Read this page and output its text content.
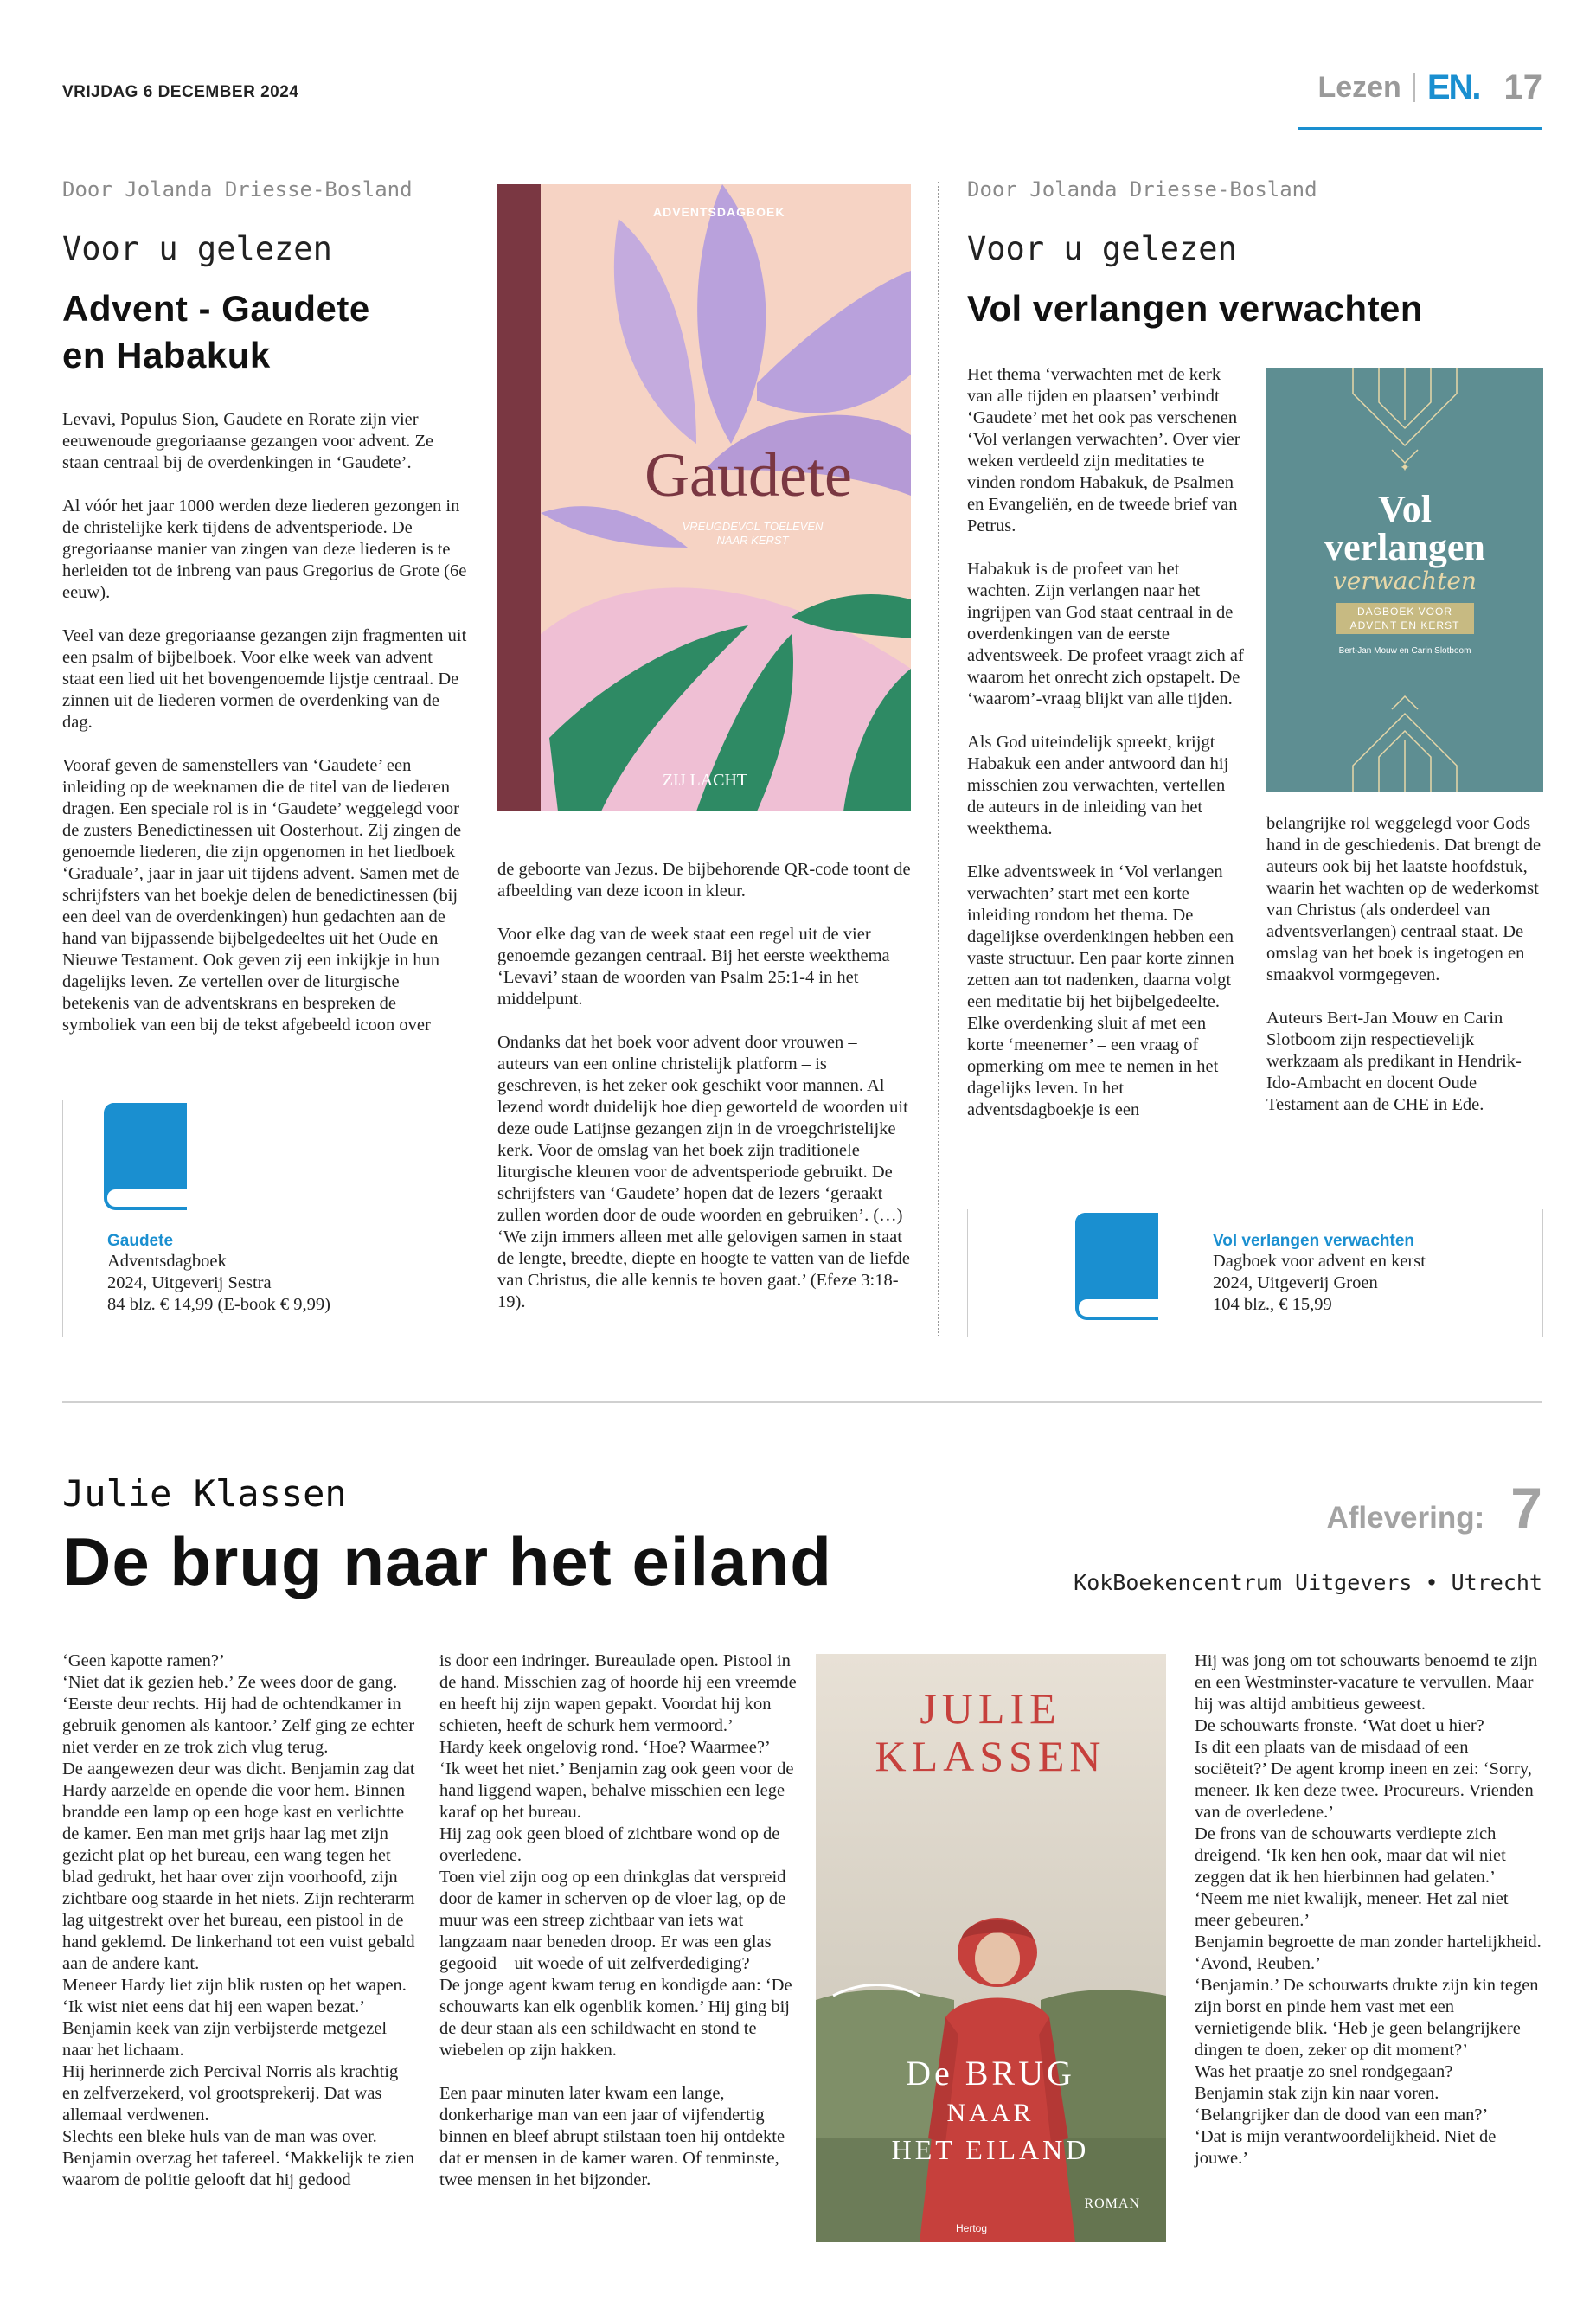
VRIJDAG 6 DECEMBER 2024	Lezen EN. 17
Door Jolanda Driesse-Bosland
Voor u gelezen
Advent - Gaudete
en Habakuk

Levavi, Populus Sion, Gaudete en Rorate zijn vier eeuwenoude gregoriaanse gezangen voor advent. Ze staan centraal bij de overdenkingen in ‘Gaudete’.

Al vóór het jaar 1000 werden deze liederen gezongen in de christelijke kerk tijdens de adventsperiode. De gregoriaanse manier van zingen van deze liederen is te herleiden tot de inbreng van paus Gregorius de Grote (6e eeuw).

Veel van deze gregoriaanse gezangen zijn fragmenten uit een psalm of bijbelboek. Voor elke week van advent staat een lied uit het bovengenoemde lijstje centraal. De zinnen uit de liederen vormen de overdenking van de dag.

Vooraf geven de samenstellers van ‘Gaudete’ een inleiding op de weeknamen die de titel van de liederen dragen. Een speciale rol is in ‘Gaudete’ weggelegd voor de zusters Benedictinessen uit Oosterhout. Zij zingen de genoemde liederen, die zijn opgenomen in het liedboek ‘Graduale’, jaar in jaar uit tijdens advent. Samen met de schrijfsters van het boekje delen de benedictinessen (bij een deel van de overdenkingen) hun gedachten aan de hand van bijpassende bijbelgedeeltes uit het Oude en Nieuwe Testament. Ook geven zij een inkijkje in hun dagelijks leven. Ze vertellen over de liturgische betekenis van de adventskrans en bespreken de symboliek van een bij de tekst afgebeeld icoon over

ADVENTSDAGBOEK
Gaudete
VREUGDEVOL TOELEVEN
NAAR KERST
ZIJ LACHT

de geboorte van Jezus. De bijbehorende QR-code toont de afbeelding van deze icoon in kleur.

Voor elke dag van de week staat een regel uit de vier genoemde gezangen centraal. Bij het eerste weekthema ‘Levavi’ staan de woorden van Psalm 25:1-4 in het middelpunt.

Ondanks dat het boek voor advent door vrouwen – auteurs van een online christelijk platform – is geschreven, is het zeker ook geschikt voor mannen. Al lezend wordt duidelijk hoe diep geworteld de woorden uit deze oude Latijnse gezangen zijn in de vroegchristelijke kerk. Voor de omslag van het boek zijn traditionele liturgische kleuren voor de adventsperiode gebruikt. De schrijfsters van ‘Gaudete’ hopen dat de lezers ‘geraakt zullen worden door de oude woorden en gebruiken’. (…) ‘We zijn immers alleen met alle gelovigen samen in staat de lengte, breedte, diepte en hoogte te vatten van de liefde van Christus, die alle kennis te boven gaat.’ (Efeze 3:18-19).

Gaudete
Adventsdagboek
2024, Uitgeverij Sestra
84 blz. € 14,99 (E-book € 9,99)
Door Jolanda Driesse-Bosland
Voor u gelezen
Vol verlangen verwachten

Het thema ‘verwachten met de kerk van alle tijden en plaatsen’ verbindt ‘Gaudete’ met het ook pas verschenen ‘Vol verlangen verwachten’. Over vier weken verdeeld zijn meditaties te vinden rondom Habakuk, de Psalmen en Evangeliën, en de tweede brief van Petrus.

Habakuk is de profeet van het wachten. Zijn verlangen naar het ingrijpen van God staat centraal in de overdenkingen van de eerste adventsweek. De profeet vraagt zich af waarom het onrecht zich opstapelt. De ‘waarom’-vraag blijkt van alle tijden.

Als God uiteindelijk spreekt, krijgt Habakuk een ander antwoord dan hij misschien zou verwachten, vertellen de auteurs in de inleiding van het weekthema.

Elke adventsweek in ‘Vol verlangen verwachten’ start met een korte inleiding rondom het thema. De dagelijkse overdenkingen hebben een vaste structuur. Een paar korte zinnen zetten aan tot nadenken, daarna volgt een meditatie bij het bijbelgedeelte. Elke overdenking sluit af met een korte ‘meenemer’ – een vraag of opmerking om mee te nemen in het dagelijks leven. In het adventsdagboekje is een

✦
Vol
verlangen
verwachten
DAGBOEK VOOR
ADVENT EN KERST
Bert-Jan Mouw en Carin Slotboom

belangrijke rol weggelegd voor Gods hand in de geschiedenis. Dat brengt de auteurs ook bij het laatste hoofdstuk, waarin het wachten op de wederkomst van Christus (als onderdeel van adventsverlangen) centraal staat. De omslag van het boek is ingetogen en smaakvol vormgegeven.

Auteurs Bert-Jan Mouw en Carin Slotboom zijn respectievelijk werkzaam als predikant in Hendrik-Ido-Ambacht en docent Oude Testament aan de CHE in Ede.

Vol verlangen verwachten
Dagboek voor advent en kerst
2024, Uitgeverij Groen
104 blz., € 15,99
Julie Klassen
De brug naar het eiland
Aflevering: 7
KokBoekencentrum Uitgevers • Utrecht
‘Geen kapotte ramen?’
‘Niet dat ik gezien heb.’ Ze wees door de gang. ‘Eerste deur rechts. Hij had de ochtendkamer in gebruik genomen als kantoor.’ Zelf ging ze echter niet verder en ze trok zich vlug terug.
De aangewezen deur was dicht. Benjamin zag dat Hardy aarzelde en opende die voor hem. Binnen brandde een lamp op een hoge kast en verlichtte de kamer. Een man met grijs haar lag met zijn gezicht plat op het bureau, een wang tegen het blad gedrukt, het haar over zijn voorhoofd, zijn zichtbare oog staarde in het niets. Zijn rechterarm lag uitgestrekt over het bureau, een pistool in de hand geklemd. De linkerhand tot een vuist gebald aan de andere kant.
Meneer Hardy liet zijn blik rusten op het wapen. ‘Ik wist niet eens dat hij een wapen bezat.’
Benjamin keek van zijn verbijsterde metgezel naar het lichaam.
Hij herinnerde zich Percival Norris als krachtig en zelfverzekerd, vol grootsprekerij. Dat was allemaal verdwenen.
Slechts een bleke huls van de man was over. Benjamin overzag het tafereel. ‘Makkelijk te zien waarom de politie gelooft dat hij gedood
is door een indringer. Bureaulade open. Pistool in de hand. Misschien zag of hoorde hij een vreemde en heeft hij zijn wapen gepakt. Voordat hij kon schieten, heeft de schurk hem vermoord.’
Hardy keek ongelovig rond. ‘Hoe? Waarmee?’
‘Ik weet het niet.’ Benjamin zag ook geen voor de hand liggend wapen, behalve misschien een lege karaf op het bureau.
Hij zag ook geen bloed of zichtbare wond op de overledene.
Toen viel zijn oog op een drinkglas dat verspreid door de kamer in scherven op de vloer lag, op de muur was een streep zichtbaar van iets wat langzaam naar beneden droop. Er was een glas gegooid – uit woede of uit zelfverdediging?
De jonge agent kwam terug en kondigde aan: ‘De schouwarts kan elk ogenblik komen.’ Hij ging bij de deur staan als een schildwacht en stond te wiebelen op zijn hakken.
Een paar minuten later kwam een lange, donkerharige man van een jaar of vijfendertig binnen en bleef abrupt stilstaan toen hij ontdekte dat er mensen in de kamer waren. Of tenminste, twee mensen in het bijzonder.
JULIE
KLASSEN
De BRUG
NAAR
HET EILAND
ROMAN
Hertog
Hij was jong om tot schouwarts benoemd te zijn en een Westminster-vacature te vervullen. Maar hij was altijd ambitieus geweest.
De schouwarts fronste. ‘Wat doet u hier?
Is dit een plaats van de misdaad of een sociëteit?’ De agent kromp ineen en zei: ‘Sorry, meneer. Ik ken deze twee. Procureurs. Vrienden van de overledene.’
De frons van de schouwarts verdiepte zich dreigend. ‘Ik ken hen ook, maar dat wil niet zeggen dat ik hen hierbinnen had gelaten.’
‘Neem me niet kwalijk, meneer. Het zal niet meer gebeuren.’
Benjamin begroette de man zonder hartelijkheid. ‘Avond, Reuben.’
‘Benjamin.’ De schouwarts drukte zijn kin tegen zijn borst en pinde hem vast met een vernietigende blik. ‘Heb je geen belangrijkere dingen te doen, zeker op dit moment?’
Was het praatje zo snel rondgegaan?
Benjamin stak zijn kin naar voren.
‘Belangrijker dan de dood van een man?’
‘Dat is mijn verantwoordelijkheid. Niet de jouwe.’
